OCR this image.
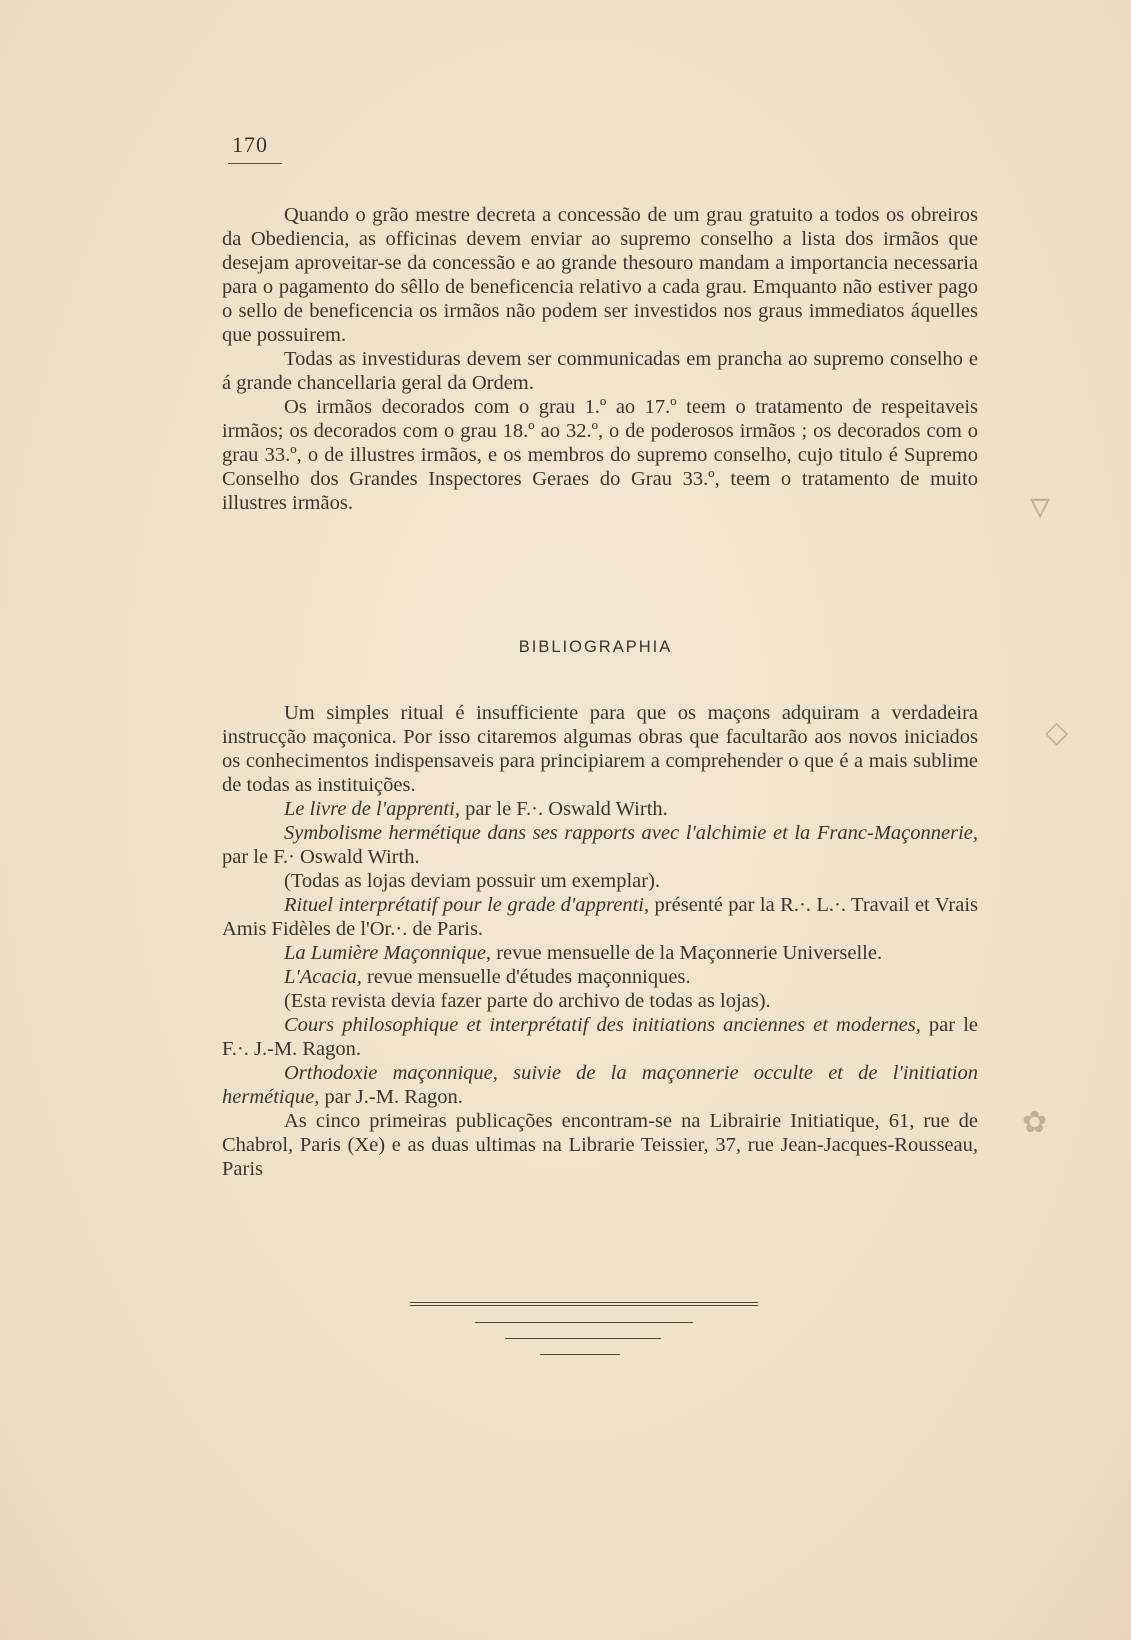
170

Quando o grão mestre decreta a concessão de um grau gratuito a todos os obreiros da Obediencia, as officinas devem enviar ao supremo conselho a lista dos irmãos que desejam aproveitar-se da concessão e ao grande thesouro mandam a importancia necessaria para o pagamento do sêllo de beneficencia relativo a cada grau. Emquanto não estiver pago o sello de beneficencia os irmãos não podem ser investidos nos graus immediatos áquelles que possuirem.

Todas as investiduras devem ser communicadas em prancha ao supremo conselho e á grande chancellaria geral da Ordem.

Os irmãos decorados com o grau 1.º ao 17.º teem o tratamento de respeitaveis irmãos; os decorados com o grau 18.º ao 32.º, o de poderosos irmãos ; os decorados com o grau 33.º, o de illustres irmãos, e os membros do supremo conselho, cujo titulo é Supremo Conselho dos Grandes Inspectores Geraes do Grau 33.º, teem o tratamento de muito illustres irmãos.

BIBLIOGRAPHIA

Um simples ritual é insufficiente para que os maçons adquiram a verdadeira instrucção maçonica. Por isso citaremos algumas obras que facultarão aos novos iniciados os conhecimentos indispensaveis para principiarem a comprehender o que é a mais sublime de todas as instituições.

Le livre de l'apprenti, par le F.·. Oswald Wirth.

Symbolisme hermétique dans ses rapports avec l'alchimie et la Franc-Maçonnerie, par le F.· Oswald Wirth.

(Todas as lojas deviam possuir um exemplar).

Rituel interprétatif pour le grade d'apprenti, présenté par la R.·. L.·. Travail et Vrais Amis Fidèles de l'Or.·. de Paris.

La Lumière Maçonnique, revue mensuelle de la Maçonnerie Universelle.

L'Acacia, revue mensuelle d'études maçonniques.

(Esta revista devia fazer parte do archivo de todas as lojas).

Cours philosophique et interprétatif des initiations anciennes et modernes, par le F.·. J.-M. Ragon.

Orthodoxie maçonnique, suivie de la maçonnerie occulte et de l'initiation hermétique, par J.-M. Ragon.

As cinco primeiras publicações encontram-se na Librairie Initiatique, 61, rue de Chabrol, Paris (Xe) e as duas ultimas na Librarie Teissier, 37, rue Jean-Jacques-Rousseau, Paris

▿
◇
✿
